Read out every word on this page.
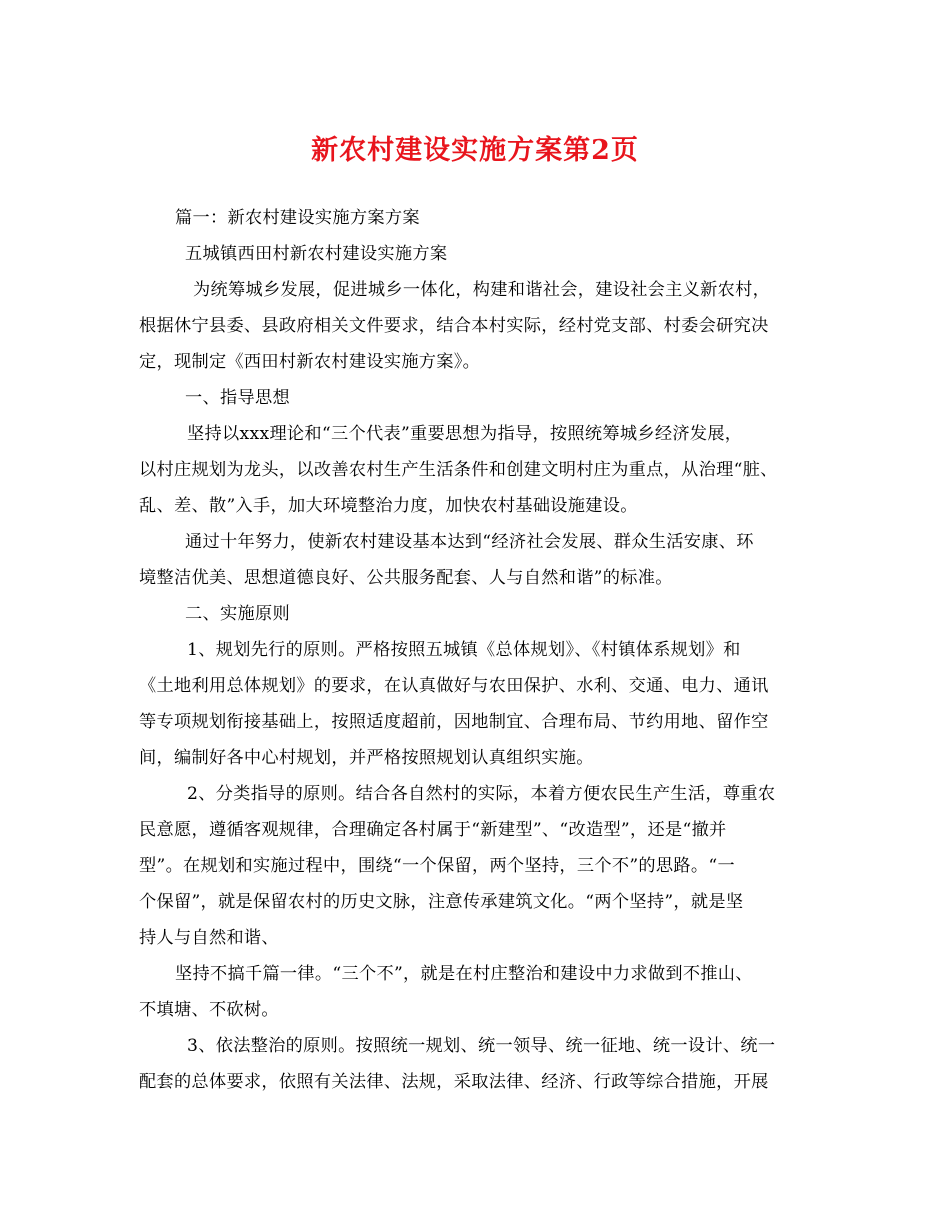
新农村建设实施方案第2页
篇一：新农村建设实施方案方案
五城镇西田村新农村建设实施方案
为统筹城乡发展，促进城乡一体化，构建和谐社会，建设社会主义新农村，
根据休宁县委、县政府相关文件要求，结合本村实际，经村党支部、村委会研究决
定，现制定《西田村新农村建设实施方案》。
一、指导思想
坚持以xxx理论和“三个代表”重要思想为指导，按照统筹城乡经济发展，
以村庄规划为龙头，以改善农村生产生活条件和创建文明村庄为重点，从治理“脏、
乱、差、散”入手，加大环境整治力度，加快农村基础设施建设。
通过十年努力，使新农村建设基本达到“经济社会发展、群众生活安康、环
境整洁优美、思想道德良好、公共服务配套、人与自然和谐”的标准。
二、实施原则
1、规划先行的原则。严格按照五城镇《总体规划》、《村镇体系规划》和
《土地利用总体规划》的要求，在认真做好与农田保护、水利、交通、电力、通讯
等专项规划衔接基础上，按照适度超前，因地制宜、合理布局、节约用地、留作空
间，编制好各中心村规划，并严格按照规划认真组织实施。
2、分类指导的原则。结合各自然村的实际，本着方便农民生产生活，尊重农
民意愿，遵循客观规律，合理确定各村属于“新建型”、“改造型”，还是“撤并
型”。在规划和实施过程中，围绕“一个保留，两个坚持，三个不”的思路。“一
个保留”，就是保留农村的历史文脉，注意传承建筑文化。“两个坚持”，就是坚
持人与自然和谐、
坚持不搞千篇一律。“三个不”，就是在村庄整治和建设中力求做到不推山、
不填塘、不砍树。
3、依法整治的原则。按照统一规划、统一领导、统一征地、统一设计、统一
配套的总体要求，依照有关法律、法规，采取法律、经济、行政等综合措施，开展
